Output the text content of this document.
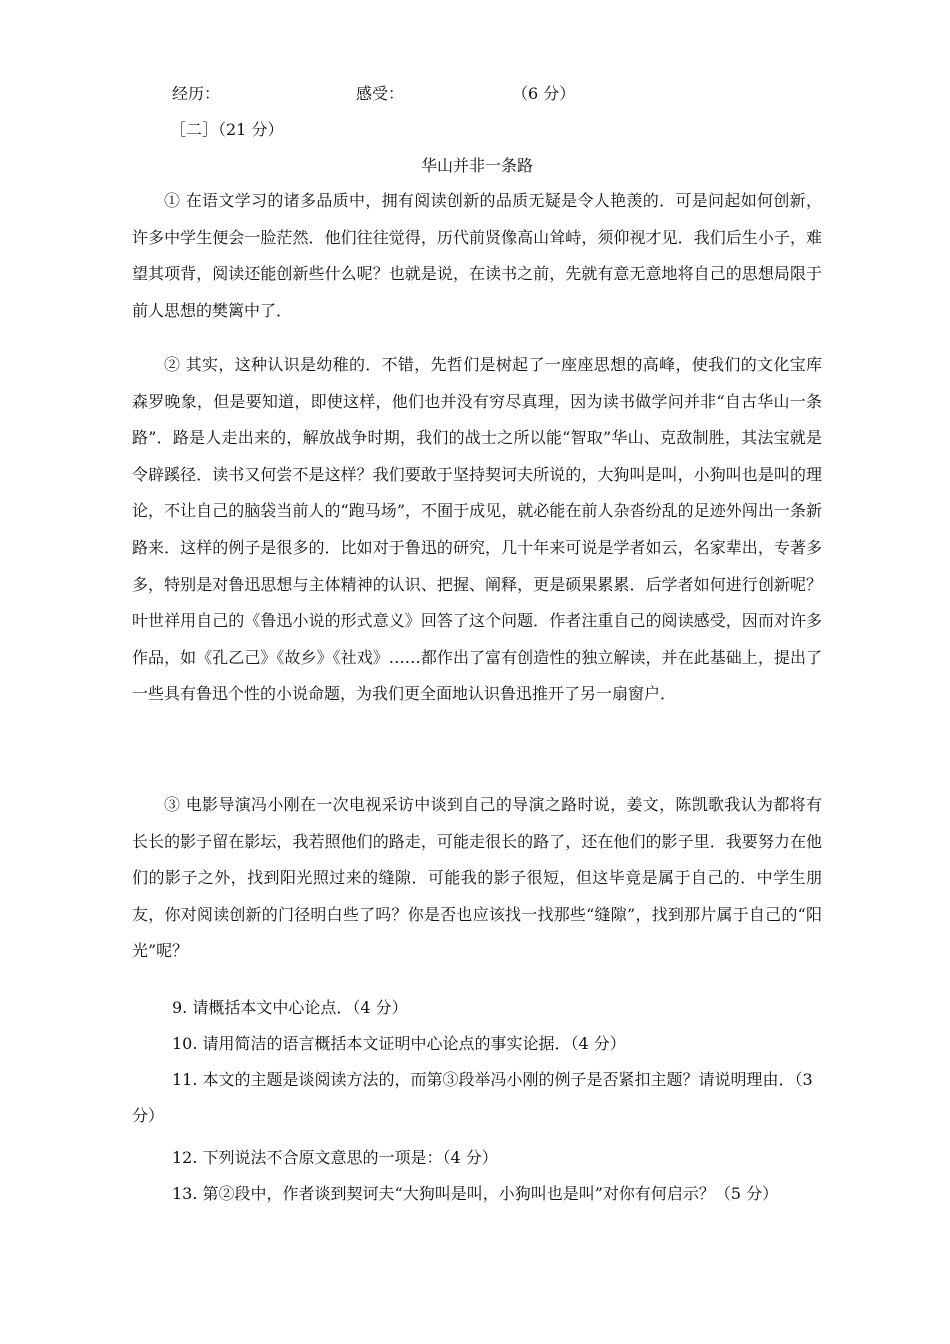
经历：	感受：	（6 分）
［二］（21 分）
华山并非一条路

① 在语文学习的诸多品质中，拥有阅读创新的品质无疑是令人艳羡的．可是问起如何创新，许多中学生便会一脸茫然．他们往往觉得，历代前贤像高山耸峙，须仰视才见．我们后生小子，难望其项背，阅读还能创新些什么呢？也就是说，在读书之前，先就有意无意地将自己的思想局限于前人思想的樊篱中了．

② 其实，这种认识是幼稚的．不错，先哲们是树起了一座座思想的高峰，使我们的文化宝库森罗晚象，但是要知道，即使这样，他们也并没有穷尽真理，因为读书做学问并非“自古华山一条路”．路是人走出来的，解放战争时期，我们的战士之所以能“智取”华山、克敌制胜，其法宝就是令辟蹊径．读书又何尝不是这样？我们要敢于坚持契诃夫所说的，大狗叫是叫，小狗叫也是叫的理论，不让自己的脑袋当前人的“跑马场”，不囿于成见，就必能在前人杂沓纷乱的足迹外闯出一条新路来．这样的例子是很多的．比如对于鲁迅的研究，几十年来可说是学者如云，名家辈出，专著多多，特别是对鲁迅思想与主体精神的认识、把握、阐释，更是硕果累累．后学者如何进行创新呢？叶世祥用自己的《鲁迅小说的形式意义》回答了这个问题．作者注重自己的阅读感受，因而对许多作品，如《孔乙己》《故乡》《社戏》……都作出了富有创造性的独立解读，并在此基础上，提出了一些具有鲁迅个性的小说命题，为我们更全面地认识鲁迅推开了另一扇窗户．

③ 电影导演冯小刚在一次电视采访中谈到自己的导演之路时说，姜文，陈凯歌我认为都将有长长的影子留在影坛，我若照他们的路走，可能走很长的路了，还在他们的影子里．我要努力在他们的影子之外，找到阳光照过来的缝隙．可能我的影子很短，但这毕竟是属于自己的．中学生朋友，你对阅读创新的门径明白些了吗？你是否也应该找一找那些“缝隙”，找到那片属于自己的“阳光”呢？

9. 请概括本文中心论点．（4 分）

10. 请用简洁的语言概括本文证明中心论点的事实论据．（4 分）

11. 本文的主题是谈阅读方法的，而第③段举冯小刚的例子是否紧扣主题？请说明理由．（3 分）

12. 下列说法不合原文意思的一项是：（4 分）

13. 第②段中，作者谈到契诃夫“大狗叫是叫，小狗叫也是叫”对你有何启示？（5 分）
